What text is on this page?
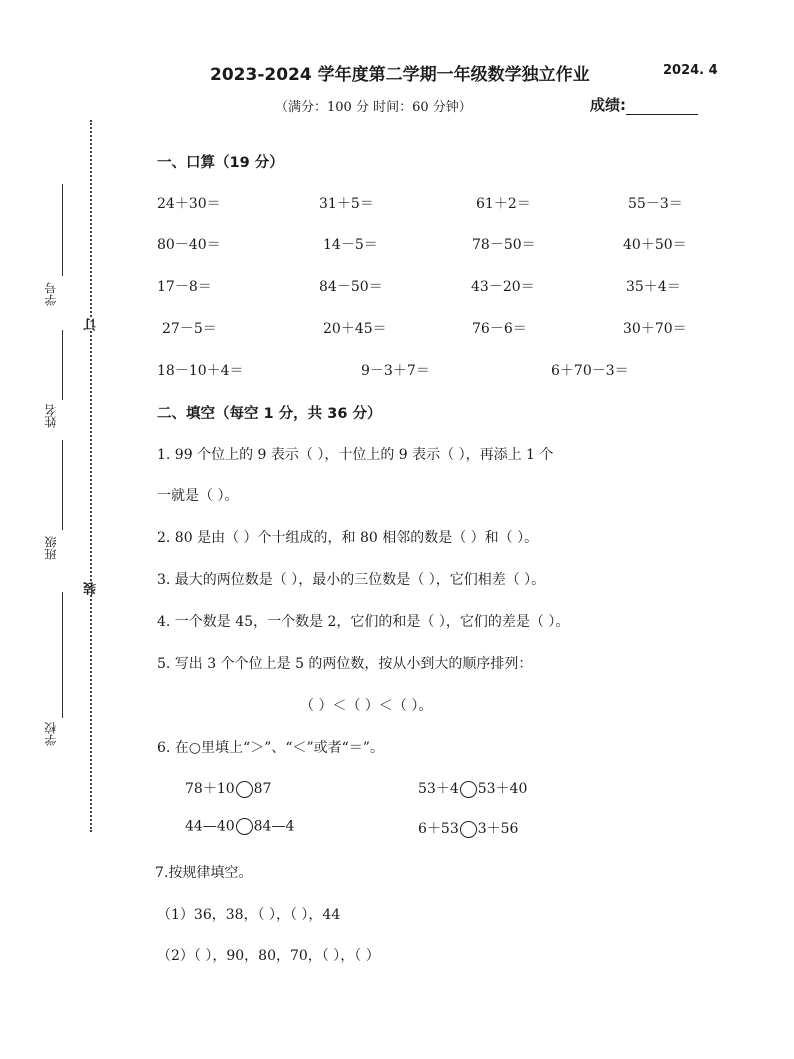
订
装
学号
姓名
班级
学校
2023-2024 学年度第二学期一年级数学独立作业	2024. 4
（满分：100 分 时间：60 分钟）	成绩:
一、口算（19 分）
24＋30＝	31＋5＝	61＋2＝	55－3＝
80－40＝	14－5＝	78－50＝	40＋50＝
17－8＝	84－50＝	43－20＝	35＋4＝
27－5＝	20＋45＝	76－6＝	30＋70＝
18－10＋4＝	9－3＋7＝	6＋70－3＝
二、填空（每空 1 分，共 36 分）
1. 99 个位上的 9 表示（ ），十位上的 9 表示（ ），再添上 1 个
一就是（ ）。
2. 80 是由（ ）个十组成的，和 80 相邻的数是（ ）和（ ）。
3. 最大的两位数是（ ），最小的三位数是（ ），它们相差（ ）。
4. 一个数是 45，一个数是 2，它们的和是（ ），它们的差是（ ）。
5. 写出 3 个个位上是 5 的两位数，按从小到大的顺序排列：
（ ）＜（ ）＜（ ）。
6. 在○里填上“＞”、“＜”或者“＝”。
78＋10 87	53＋4 53＋40
44—40 84—4	6＋53 3＋56
7.按规律填空。
（1）36，38，（ ），（ ），44
（2）（ ），90，80，70，（ ），（ ）
